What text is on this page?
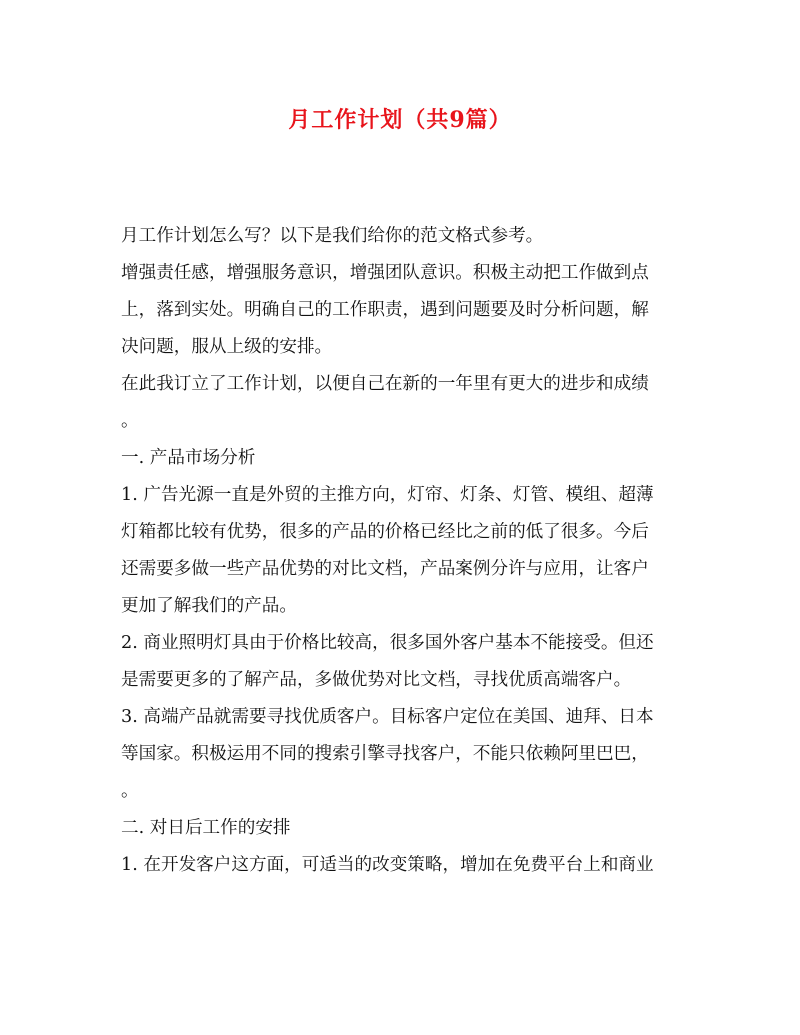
月工作计划（共9篇）
月工作计划怎么写？以下是我们给你的范文格式参考。
增强责任感，增强服务意识，增强团队意识。积极主动把工作做到点
上，落到实处。明确自己的工作职责，遇到问题要及时分析问题，解
决问题，服从上级的安排。
在此我订立了工作计划，以便自己在新的一年里有更大的进步和成绩
。
一. 产品市场分析
1. 广告光源一直是外贸的主推方向，灯帘、灯条、灯管、模组、超薄
灯箱都比较有优势，很多的产品的价格已经比之前的低了很多。今后
还需要多做一些产品优势的对比文档，产品案例分许与应用，让客户
更加了解我们的产品。
2. 商业照明灯具由于价格比较高，很多国外客户基本不能接受。但还
是需要更多的了解产品，多做优势对比文档，寻找优质高端客户。
3. 高端产品就需要寻找优质客户。目标客户定位在美国、迪拜、日本
等国家。积极运用不同的搜索引擎寻找客户，不能只依赖阿里巴巴，
。
二. 对日后工作的安排
1. 在开发客户这方面，可适当的改变策略，增加在免费平台上和商业
